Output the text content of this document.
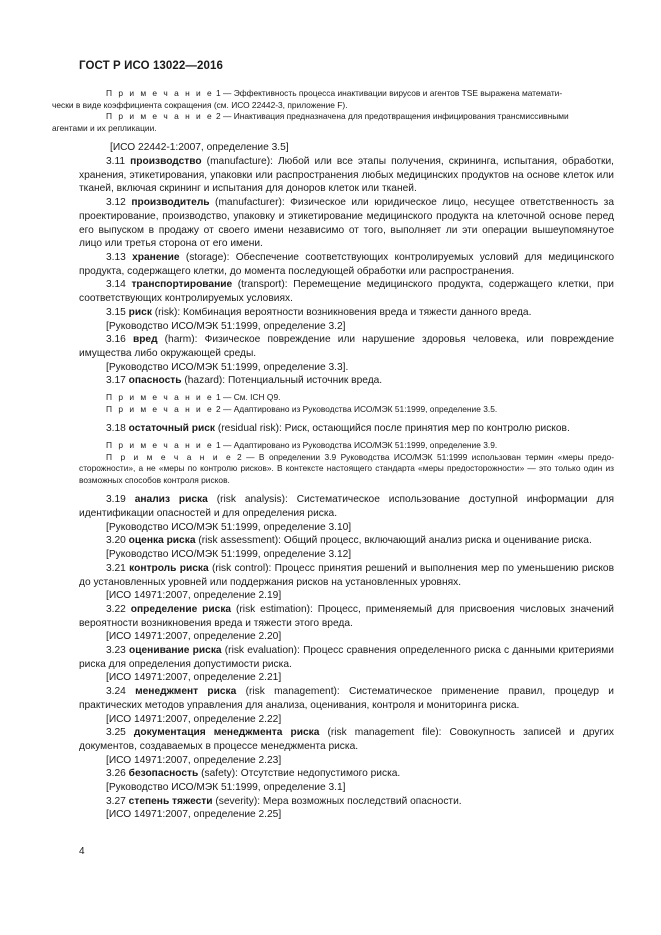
ГОСТ Р ИСО 13022—2016

П р и м е ч а н и е 1 — Эффективность процесса инактивации вирусов и агентов TSE выражена математи-
чески в виде коэффициента сокращения (см. ИСО 22442-3, приложение F).

П р и м е ч а н и е 2 — Инактивация предназначена для предотвращения инфицирования трансмиссивными
агентами и их репликации.

[ИСО 22442-1:2007, определение 3.5]

3.11 производство (manufacture): Любой или все этапы получения, скрининга, испытания, обработки, хранения, этикетирования, упаковки или распространения любых медицинских продуктов на основе клеток или тканей, включая скрининг и испытания для доноров клеток или тканей.

3.12 производитель (manufacturer): Физическое или юридическое лицо, несущее ответственность за проектирование, производство, упаковку и этикетирование медицинского продукта на клеточной основе перед его выпуском в продажу от своего имени независимо от того, выполняет ли эти операции вышеупомянутое лицо или третья сторона от его имени.

3.13 хранение (storage): Обеспечение соответствующих контролируемых условий для медицинского продукта, содержащего клетки, до момента последующей обработки или распространения.

3.14 транспортирование (transport): Перемещение медицинского продукта, содержащего клетки, при соответствующих контролируемых условиях.

3.15 риск (risk): Комбинация вероятности возникновения вреда и тяжести данного вреда.

[Руководство ИСО/МЭК 51:1999, определение 3.2]

3.16 вред (harm): Физическое повреждение или нарушение здоровья человека, или повреждение имущества либо окружающей среды.

[Руководство ИСО/МЭК 51:1999, определение 3.3].

3.17 опасность (hazard): Потенциальный источник вреда.

П р и м е ч а н и е 1 — См. ICH Q9.

П р и м е ч а н и е 2 — Адаптировано из Руководства ИСО/МЭК 51:1999, определение 3.5.

3.18 остаточный риск (residual risk): Риск, остающийся после принятия мер по контролю рисков.

П р и м е ч а н и е 1 — Адаптировано из Руководства ИСО/МЭК 51:1999, определение 3.9.

П р и м е ч а н и е 2 — В определении 3.9 Руководства ИСО/МЭК 51:1999 использован термин «меры предосторожности», а не «меры по контролю рисков». В контексте настоящего стандарта «меры предосторожности» — это только один из возможных способов контроля рисков.

3.19 анализ риска (risk analysis): Систематическое использование доступной информации для идентификации опасностей и для определения риска.

[Руководство ИСО/МЭК 51:1999, определение 3.10]

3.20 оценка риска (risk assessment): Общий процесс, включающий анализ риска и оценивание риска.

[Руководство ИСО/МЭК 51:1999, определение 3.12]

3.21 контроль риска (risk control): Процесс принятия решений и выполнения мер по уменьшению рисков до установленных уровней или поддержания рисков на установленных уровнях.

[ИСО 14971:2007, определение 2.19]

3.22 определение риска (risk estimation): Процесс, применяемый для присвоения числовых значений вероятности возникновения вреда и тяжести этого вреда.

[ИСО 14971:2007, определение 2.20]

3.23 оценивание риска (risk evaluation): Процесс сравнения определенного риска с данными критериями риска для определения допустимости риска.

[ИСО 14971:2007, определение 2.21]

3.24 менеджмент риска (risk management): Систематическое применение правил, процедур и практических методов управления для анализа, оценивания, контроля и мониторинга риска.

[ИСО 14971:2007, определение 2.22]

3.25 документация менеджмента риска (risk management file): Совокупность записей и других документов, создаваемых в процессе менеджмента риска.

[ИСО 14971:2007, определение 2.23]

3.26 безопасность (safety): Отсутствие недопустимого риска.

[Руководство ИСО/МЭК 51:1999, определение 3.1]

3.27 степень тяжести (severity): Мера возможных последствий опасности.

[ИСО 14971:2007, определение 2.25]
4
